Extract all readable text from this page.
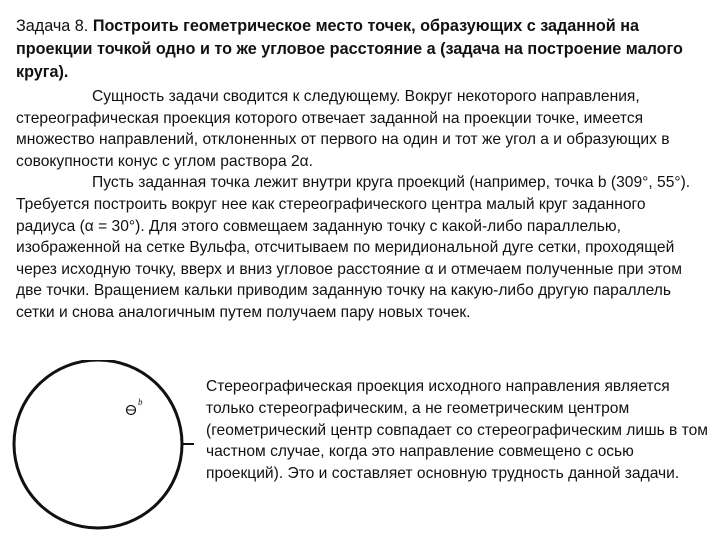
Задача 8. Построить геометрическое место точек, образующих с заданной на проекции точкой одно и то же угловое расстояние a (задача на построение малого круга).

Сущность задачи сводится к следующему. Вокруг некоторого направления, стереографическая проекция которого отвечает заданной на проекции точке, имеется множество направлений, отклоненных от первого на один и тот же угол a и образующих в совокупности конус с углом раствора 2α.

Пусть заданная точка лежит внутри круга проекций (например, точка b (309°, 55°). Требуется построить вокруг нее как стереографического центра малый круг заданного радиуса (α = 30°). Для этого совмещаем заданную точку с какой-либо параллелью, изображенной на сетке Вульфа, отсчитываем по меридиональной дуге сетки, проходящей через исходную точку, вверх и вниз угловое расстояние α и отмечаем полученные при этом две точки. Вращением кальки приводим заданную точку на какую-либо другую параллель сетки и снова аналогичным путем получаем пару новых точек.

b
Стереографическая проекция исходного направления является только стереографическим, а не геометрическим центром (геометрический центр совпадает со стереографическим лишь в том частном случае, когда это направление совмещено с осью проекций). Это и составляет основную трудность данной задачи.
